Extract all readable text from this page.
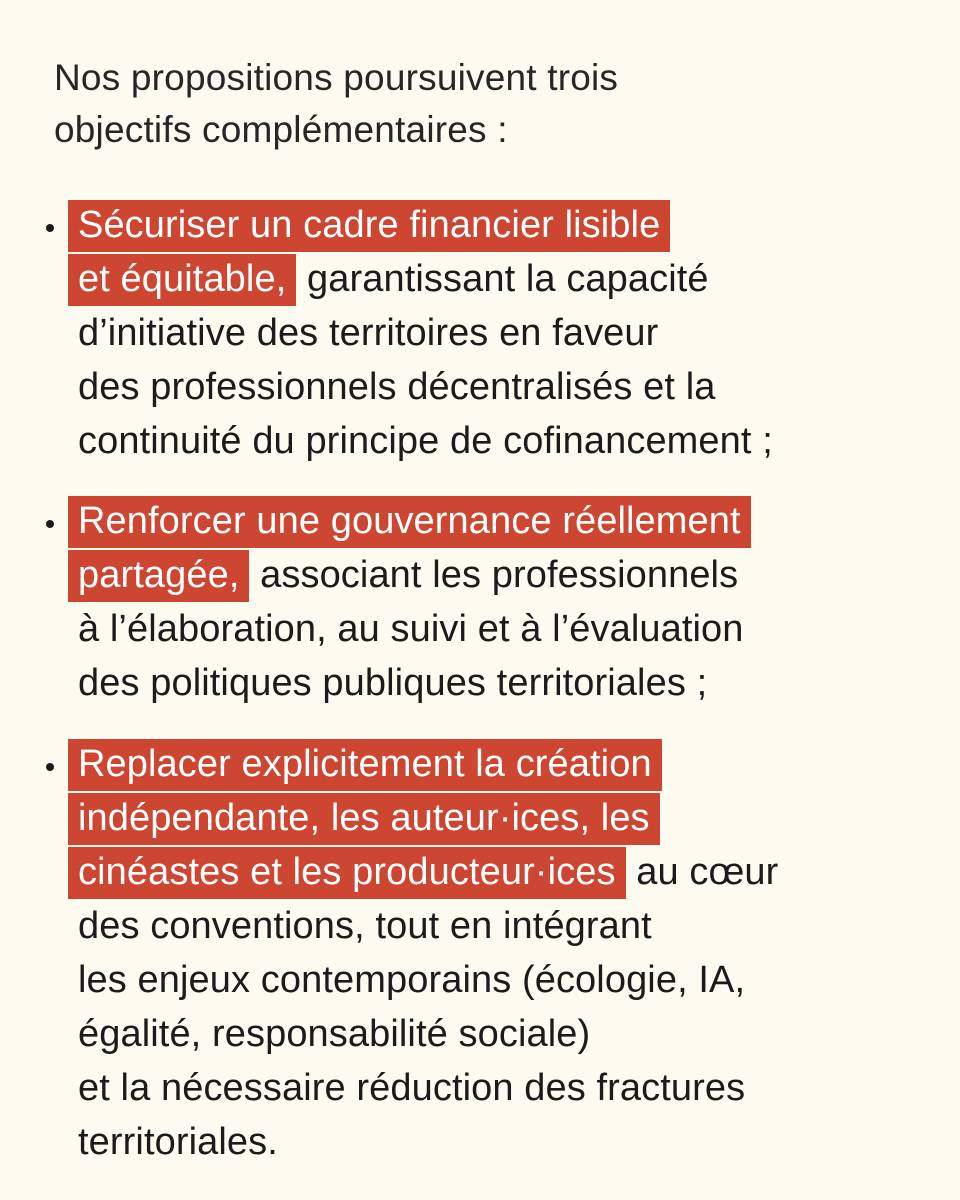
Nos propositions poursuivent trois
objectifs complémentaires :

Sécuriser un cadre financier lisible
et équitable, garantissant la capacité
d’initiative des territoires en faveur
des professionnels décentralisés et la
continuité du principe de cofinancement ;
Renforcer une gouvernance réellement
partagée, associant les professionnels
à l’élaboration, au suivi et à l’évaluation
des politiques publiques territoriales ;
Replacer explicitement la création
indépendante, les auteur·ices, les
cinéastes et les producteur·ices au cœur
des conventions, tout en intégrant
les enjeux contemporains (écologie, IA,
égalité, responsabilité sociale)
et la nécessaire réduction des fractures
territoriales.
